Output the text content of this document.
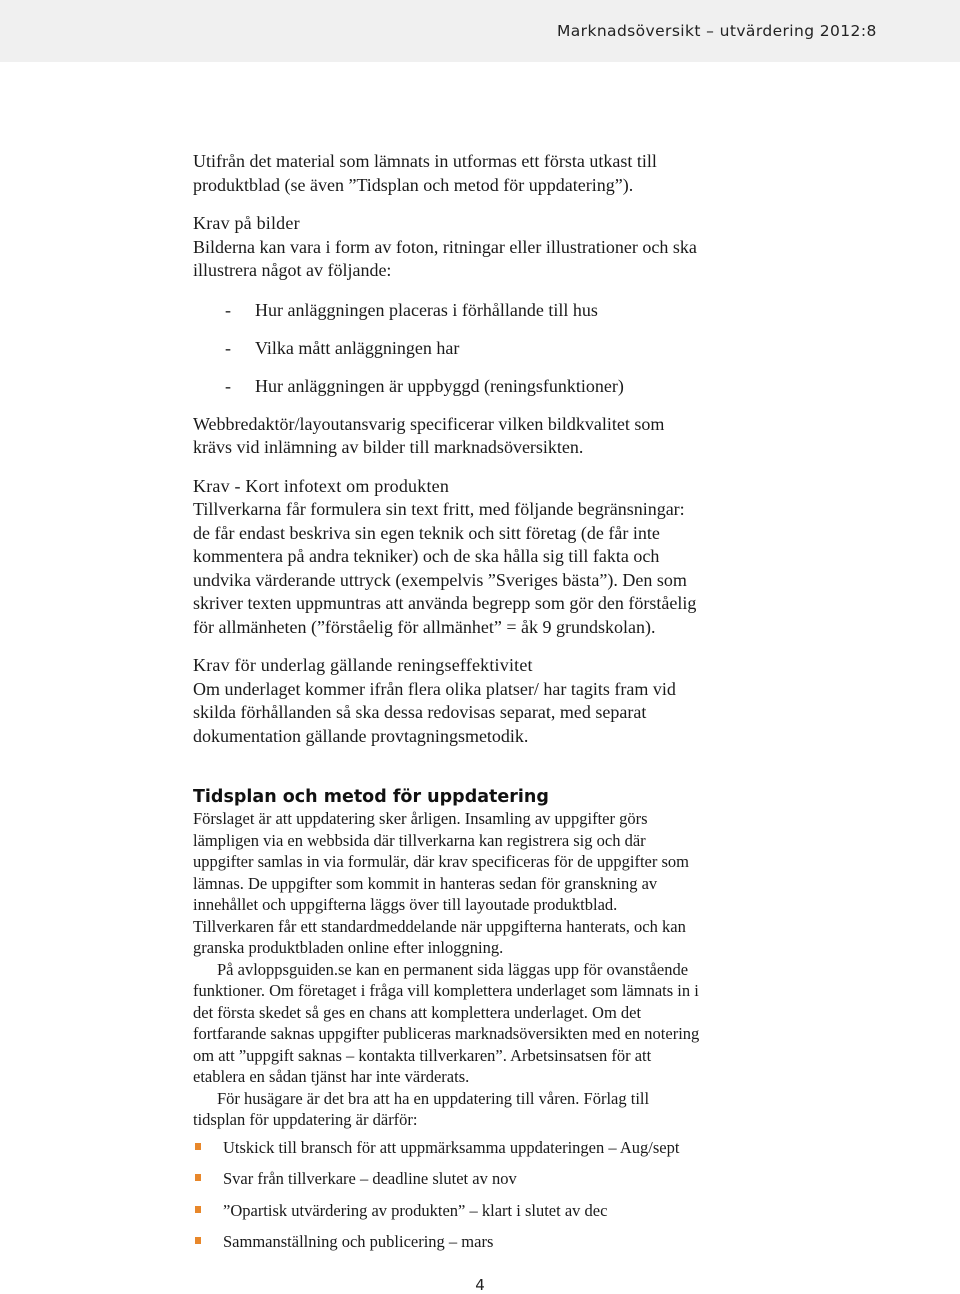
Marknadsöversikt – utvärdering 2012:8

Utifrån det material som lämnats in utformas ett första utkast till

produktblad (se även ”Tidsplan och metod för uppdatering”).

Krav på bilder

Bilderna kan vara i form av foton, ritningar eller illustrationer och ska

illustrera något av följande:

- Hur anläggningen placeras i förhållande till hus
- Vilka mått anläggningen har
- Hur anläggningen är uppbyggd (reningsfunktioner)

Webbredaktör/layoutansvarig specificerar vilken bildkvalitet som

krävs vid inlämning av bilder till marknadsöversikten.

Krav - Kort infotext om produkten

Tillverkarna får formulera sin text fritt, med följande begränsningar:

de får endast beskriva sin egen teknik och sitt företag (de får inte

kommentera på andra tekniker) och de ska hålla sig till fakta och

undvika värderande uttryck (exempelvis ”Sveriges bästa”). Den som

skriver texten uppmuntras att använda begrepp som gör den förståelig

för allmänheten (”förståelig för allmänhet” = åk 9 grundskolan).

Krav för underlag gällande reningseffektivitet

Om underlaget kommer ifrån flera olika platser/ har tagits fram vid

skilda förhållanden så ska dessa redovisas separat, med separat

dokumentation gällande provtagningsmetodik.

Tidsplan och metod för uppdatering

Förslaget är att uppdatering sker årligen. Insamling av uppgifter görs

lämpligen via en webbsida där tillverkarna kan registrera sig och där

uppgifter samlas in via formulär, där krav specificeras för de uppgifter som

lämnas. De uppgifter som kommit in hanteras sedan för granskning av

innehållet och uppgifterna läggs över till layoutade produktblad.

Tillverkaren får ett standardmeddelande när uppgifterna hanterats, och kan

granska produktbladen online efter inloggning.

På avloppsguiden.se kan en permanent sida läggas upp för ovanstående

funktioner. Om företaget i fråga vill komplettera underlaget som lämnats in i

det första skedet så ges en chans att komplettera underlaget. Om det

fortfarande saknas uppgifter publiceras marknadsöversikten med en notering

om att ”uppgift saknas – kontakta tillverkaren”. Arbetsinsatsen för att

etablera en sådan tjänst har inte värderats.

För husägare är det bra att ha en uppdatering till våren. Förlag till

tidsplan för uppdatering är därför:

Utskick till bransch för att uppmärksamma uppdateringen – Aug/sept
Svar från tillverkare – deadline slutet av nov
”Opartisk utvärdering av produkten” – klart i slutet av dec
Sammanställning och publicering – mars
4
